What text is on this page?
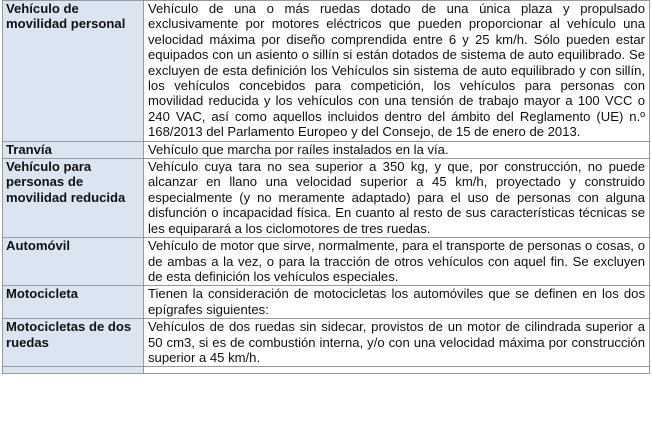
Vehículo de movilidad personal	Vehículo de una o más ruedas dotado de una única plaza y propulsado exclusivamente por motores eléctricos que pueden proporcionar al vehículo una velocidad máxima por diseño comprendida entre 6 y 25 km/h. Sólo pueden estar equipados con un asiento o sillín si están dotados de sistema de auto equilibrado. Se excluyen de esta definición los Vehículos sin sistema de auto equilibrado y con sillín, los vehículos concebidos para competición, los vehículos para personas con movilidad reducida y los vehículos con una tensión de trabajo mayor a 100 VCC o 240 VAC, así como aquellos incluidos dentro del ámbito del Reglamento (UE) n.º 168/2013 del Parlamento Europeo y del Consejo, de 15 de enero de 2013.
Tranvía	Vehículo que marcha por raíles instalados en la vía.
Vehículo para personas de movilidad reducida	Vehículo cuya tara no sea superior a 350 kg, y que, por construcción, no puede alcanzar en llano una velocidad superior a 45 km/h, proyectado y construido especialmente (y no meramente adaptado) para el uso de personas con alguna disfunción o incapacidad física. En cuanto al resto de sus características técnicas se les equiparará a los ciclomotores de tres ruedas.
Automóvil	Vehículo de motor que sirve, normalmente, para el transporte de personas o cosas, o de ambas a la vez, o para la tracción de otros vehículos con aquel fin. Se excluyen de esta definición los vehículos especiales.
Motocicleta	Tienen la consideración de motocicletas los automóviles que se definen en los dos epígrafes siguientes:
Motocicletas de dos ruedas	Vehículos de dos ruedas sin sidecar, provistos de un motor de cilindrada superior a 50 cm3, si es de combustión interna, y/o con una velocidad máxima por construcción superior a 45 km/h.
